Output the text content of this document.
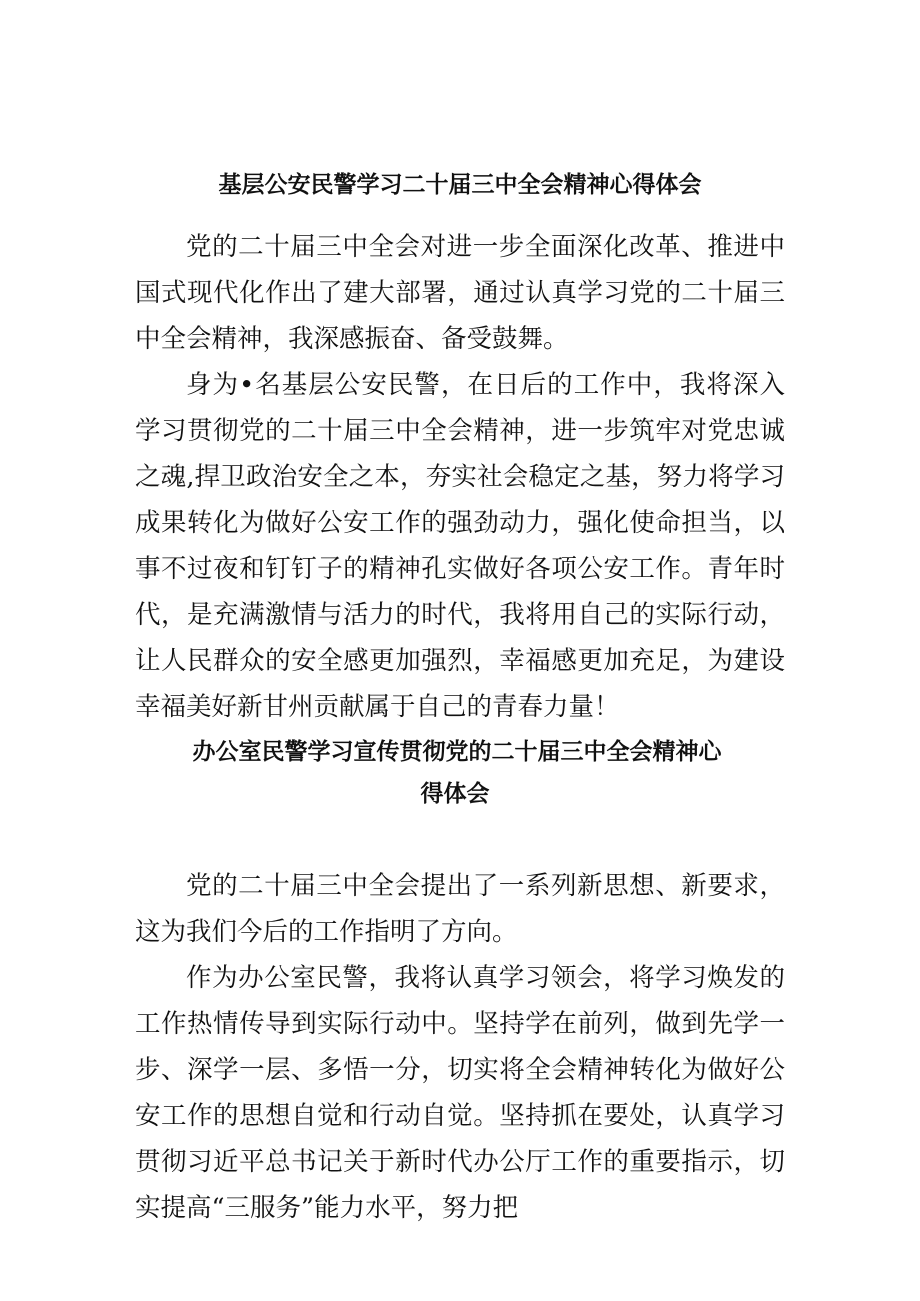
基层公安民警学习二十届三中全会精神心得体会

党的二十届三中全会对进一步全面深化改革、推进中国式现代化作出了建大部署，通过认真学习党的二十届三中全会精神，我深感振奋、备受鼓舞。

身为•名基层公安民警，在日后的工作中，我将深入学习贯彻党的二十届三中全会精神，进一步筑牢对党忠诚之魂,捍卫政治安全之本，夯实社会稳定之基，努力将学习成果转化为做好公安工作的强劲动力，强化使命担当，以事不过夜和钉钉子的精神孔实做好各项公安工作。青年时代，是充满激情与活力的时代，我将用自己的实际行动，让人民群众的安全感更加强烈，幸福感更加充足，为建设幸福美好新甘州贡献属于自己的青春力量！

办公室民警学习宣传贯彻党的二十届三中全会精神心
得体会

党的二十届三中全会提出了一系列新思想、新要求，这为我们今后的工作指明了方向。

作为办公室民警，我将认真学习领会，将学习焕发的工作热情传导到实际行动中。坚持学在前列，做到先学一步、深学一层、多悟一分，切实将全会精神转化为做好公安工作的思想自觉和行动自觉。坚持抓在要处，认真学习贯彻习近平总书记关于新时代办公厅工作的重要指示，切实提高“三服务”能力水平，努力把
